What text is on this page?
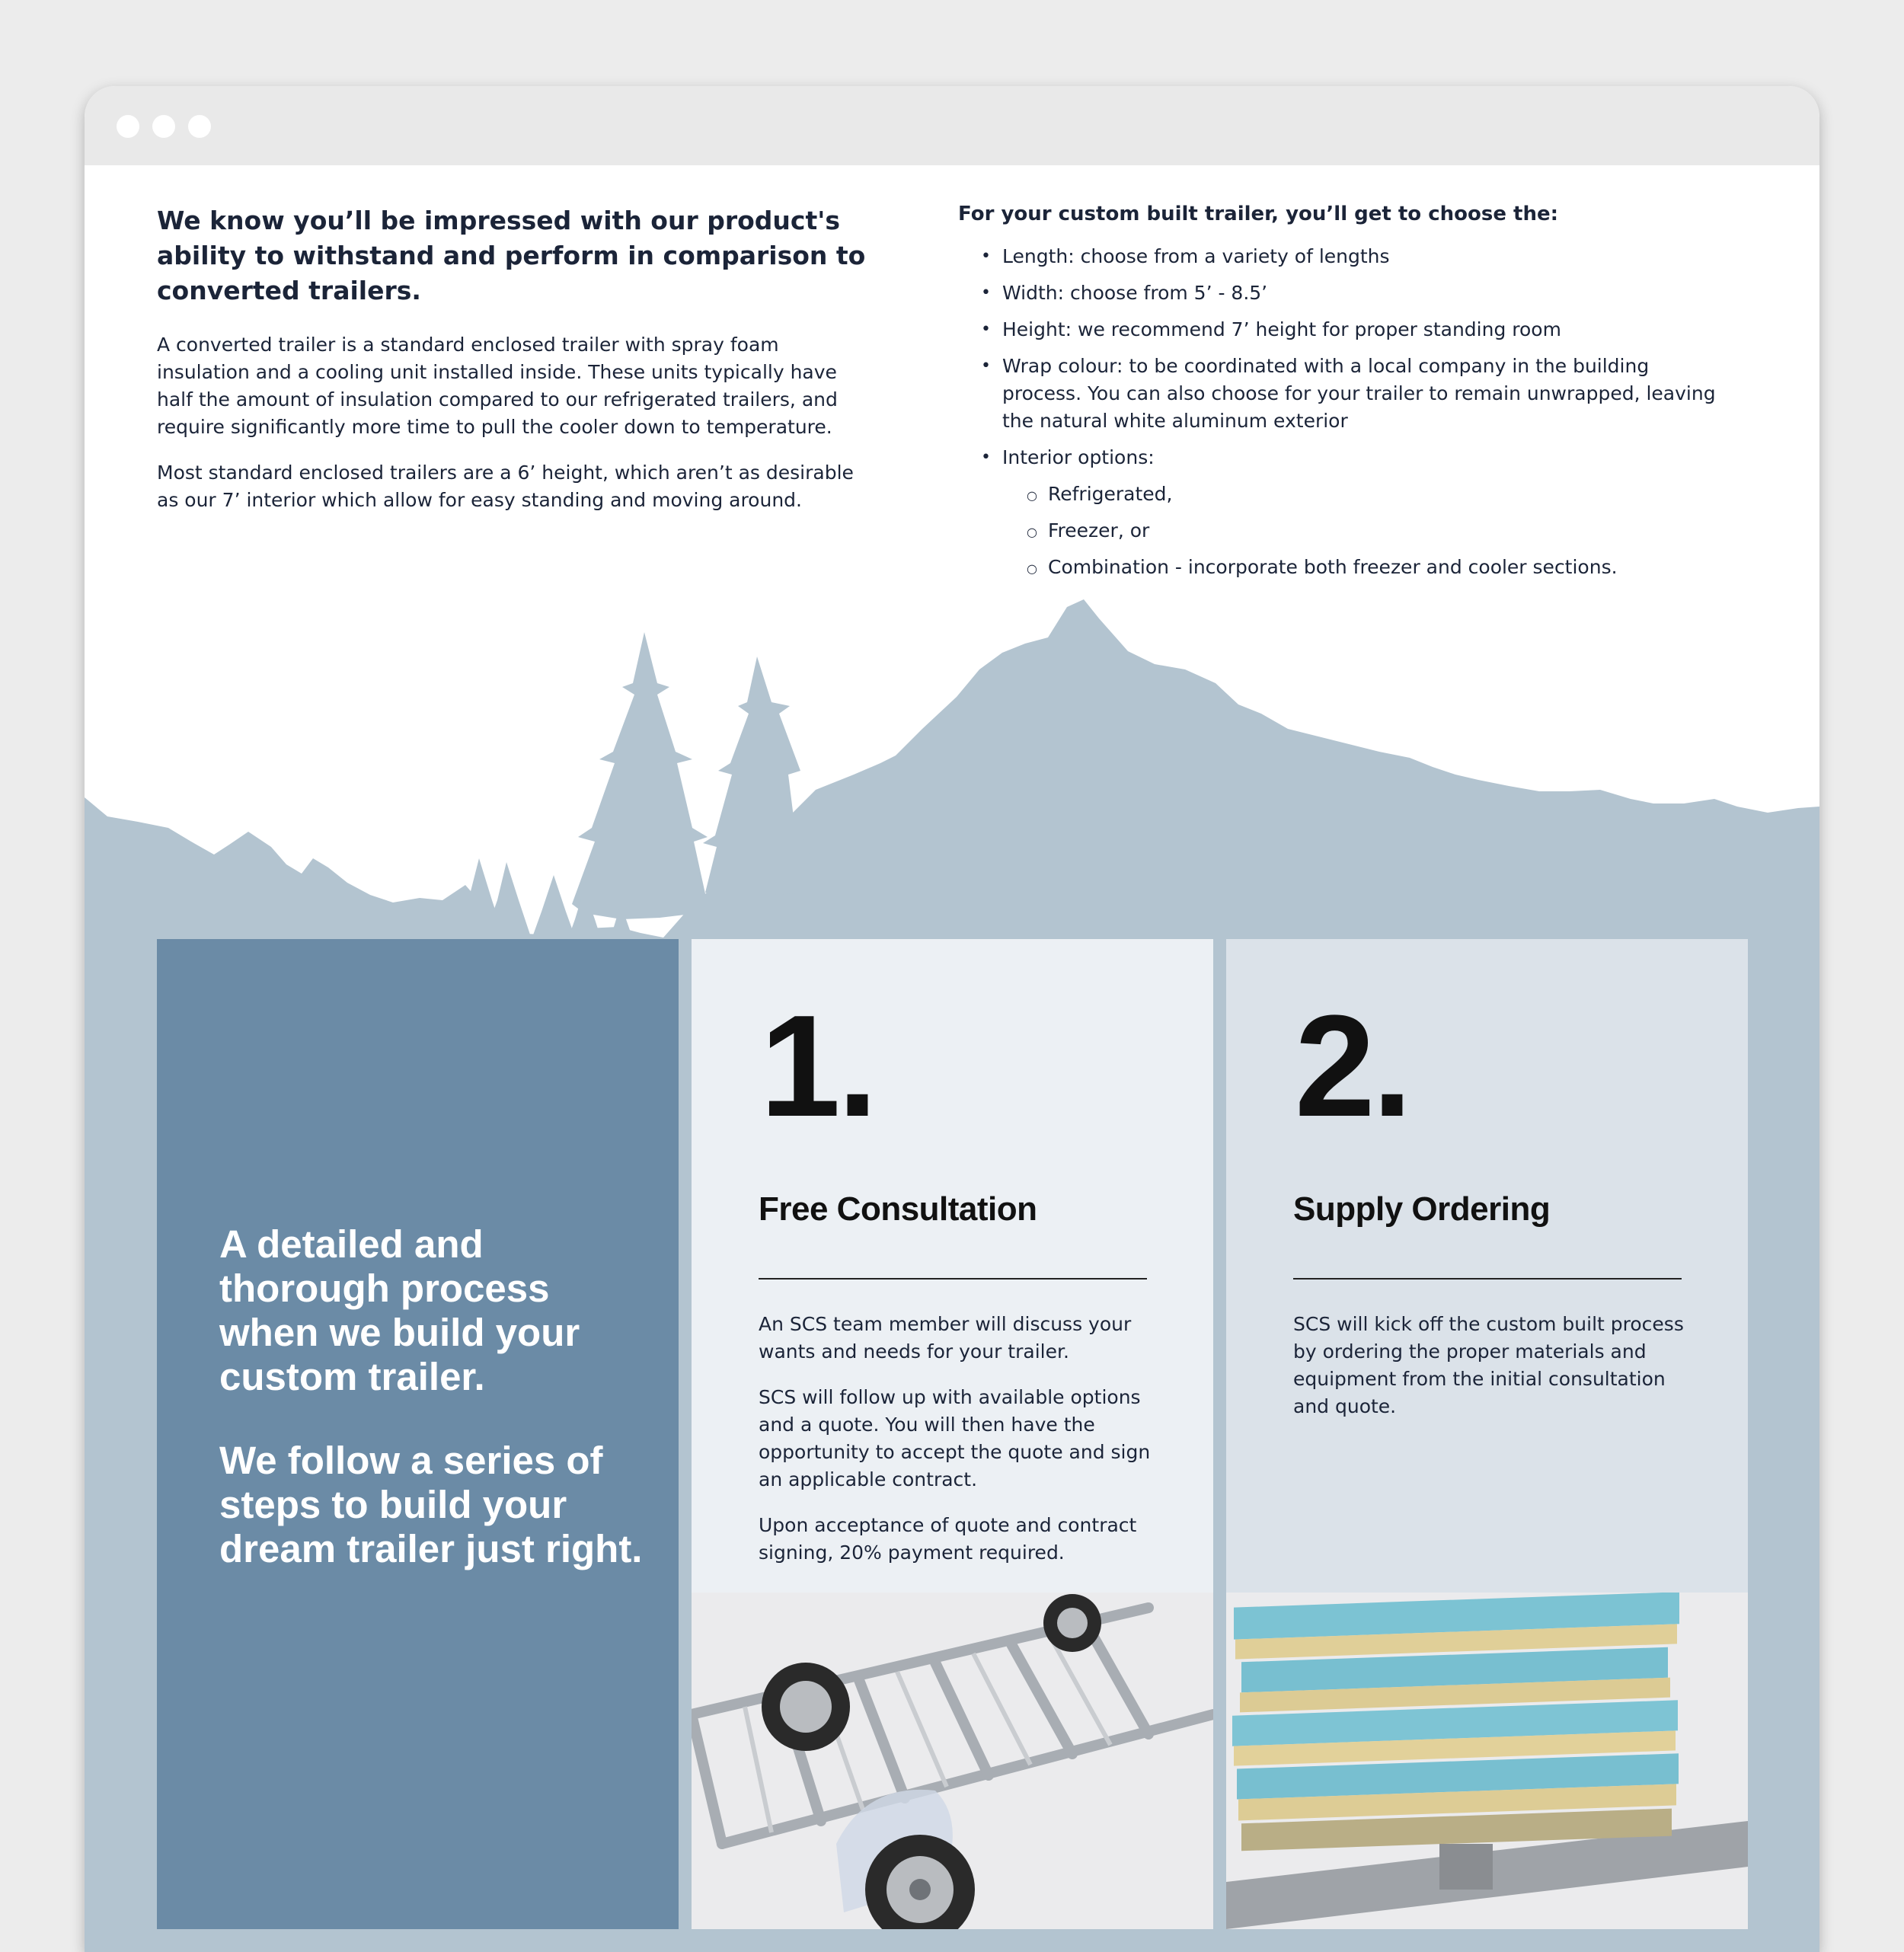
We know you’ll be impressed with our product's ability to withstand and perform in comparison to converted trailers.

A converted trailer is a standard enclosed trailer with spray foam insulation and a cooling unit installed inside. These units typically have half the amount of insulation compared to our refrigerated trailers, and require significantly more time to pull the cooler down to temperature.

Most standard enclosed trailers are a 6’ height, which aren’t as desirable as our 7’ interior which allow for easy standing and moving around.

For your custom built trailer, you’ll get to choose the:

• Length: choose from a variety of lengths
• Width: choose from 5’ - 8.5’
• Height: we recommend 7’ height for proper standing room
• Wrap colour: to be coordinated with a local company in the building process. You can also choose for your trailer to remain unwrapped, leaving the natural white aluminum exterior
• Interior options:
○ Refrigerated,
○ Freezer, or
○ Combination - incorporate both freezer and cooler sections.

A detailed and thorough process when we build your custom trailer.

We follow a series of steps to build your dream trailer just right.

1.
Free Consultation

An SCS team member will discuss your wants and needs for your trailer.

SCS will follow up with available options and a quote. You will then have the opportunity to accept the quote and sign an applicable contract.

Upon acceptance of quote and contract signing, 20% payment required.

2.
Supply Ordering

SCS will kick off the custom built process by ordering the proper materials and equipment from the initial consultation and quote.
